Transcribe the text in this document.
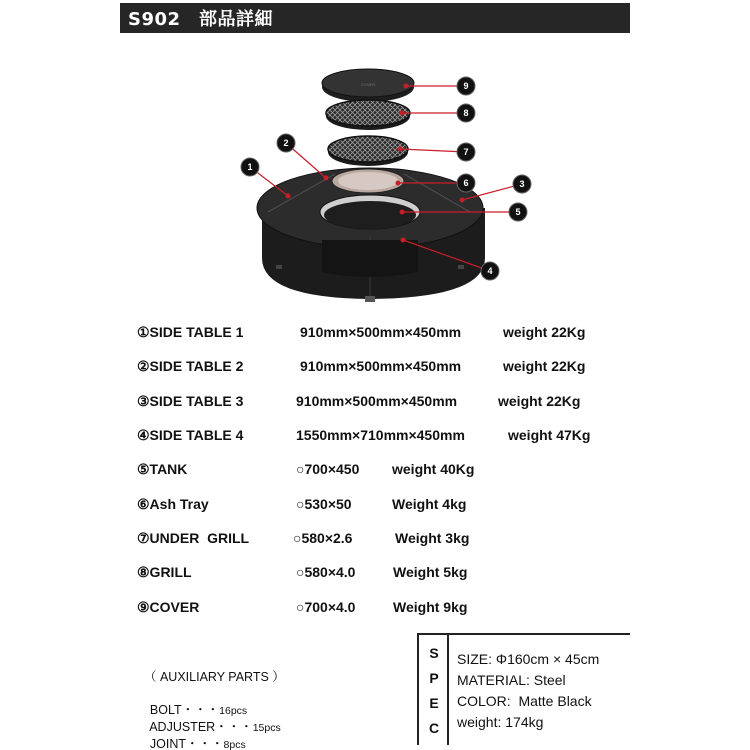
S902　部品詳細
COVER
1
2
3
4
5
6
7
8
9
①SIDE TABLE 1	910mm×500mm×450mm	weight 22Kg
②SIDE TABLE 2	910mm×500mm×450mm	weight 22Kg
③SIDE TABLE 3	910mm×500mm×450mm	weight 22Kg
④SIDE TABLE 4	1550mm×710mm×450mm	weight 47Kg
⑤TANK	○700×450 weight 40Kg
⑥Ash Tray	○530×50	Weight 4kg
⑦UNDER  GRILL	○580×2.6	Weight 3kg
⑧GRILL	○580×4.0	Weight 5kg
⑨COVER	○700×4.0	Weight 9kg
（ AUXILIARY PARTS ）

BOLT・・・16pcs

ADJUSTER・・・15pcs

JOINT・・・8pcs

S
P
E
C
SIZE: Φ160cm × 45cm
MATERIAL: Steel
COLOR:  Matte Black
weight: 174kg
